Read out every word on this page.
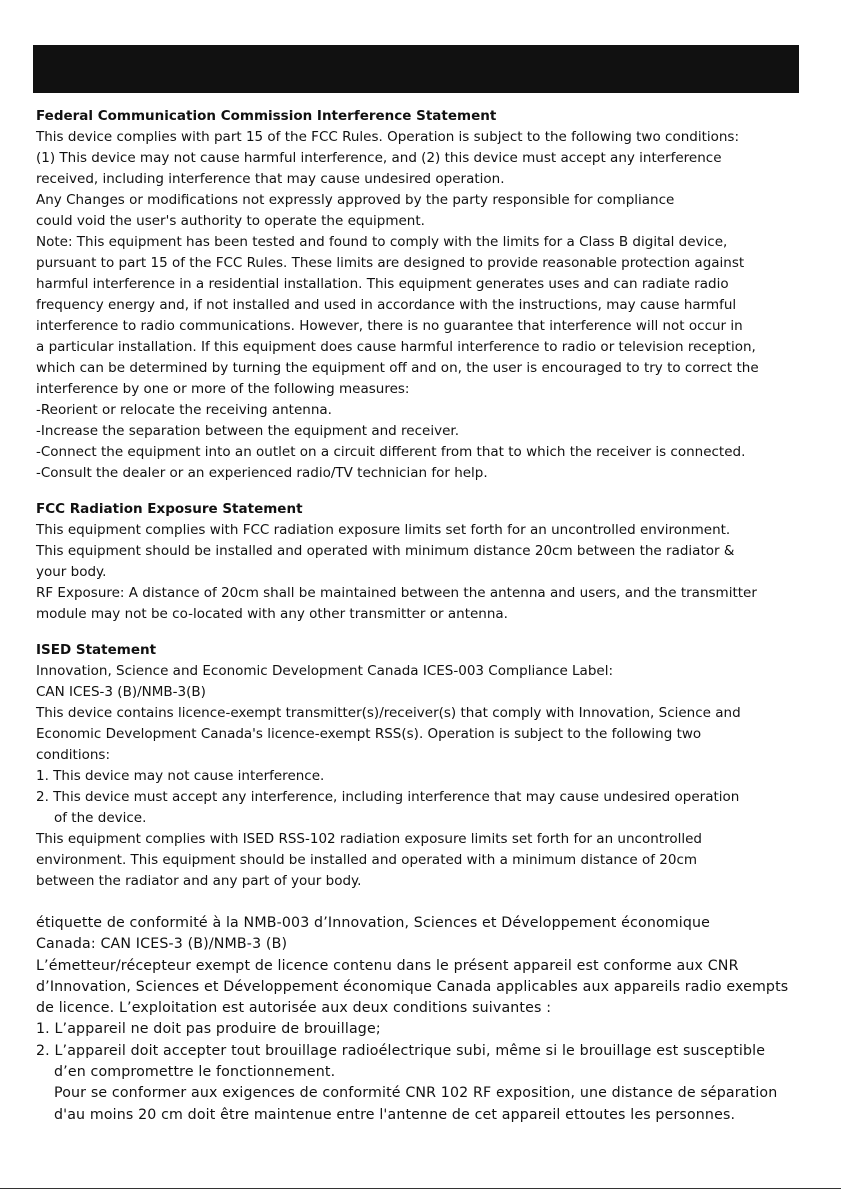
Federal Communication Commission Interference Statement

This device complies with part 15 of the FCC Rules. Operation is subject to the following two conditions:

(1) This device may not cause harmful interference, and (2) this device must accept any interference

received, including interference that may cause undesired operation.

Any Changes or modifications not expressly approved by the party responsible for compliance

could void the user's authority to operate the equipment.

Note: This equipment has been tested and found to comply with the limits for a Class B digital device,

pursuant to part 15 of the FCC Rules. These limits are designed to provide reasonable protection against

harmful interference in a residential installation. This equipment generates uses and can radiate radio

frequency energy and, if not installed and used in accordance with the instructions, may cause harmful

interference to radio communications. However, there is no guarantee that interference will not occur in

a particular installation. If this equipment does cause harmful interference to radio or television reception,

which can be determined by turning the equipment off and on, the user is encouraged to try to correct the

interference by one or more of the following measures:

-Reorient or relocate the receiving antenna.

-Increase the separation between the equipment and receiver.

-Connect the equipment into an outlet on a circuit different from that to which the receiver is connected.

-Consult the dealer or an experienced radio/TV technician for help.

FCC Radiation Exposure Statement

This equipment complies with FCC radiation exposure limits set forth for an uncontrolled environment.

This equipment should be installed and operated with minimum distance 20cm between the radiator &

your body.

RF Exposure: A distance of 20cm shall be maintained between the antenna and users, and the transmitter

module may not be co-located with any other transmitter or antenna.

ISED Statement

Innovation, Science and Economic Development Canada ICES-003 Compliance Label:

CAN ICES-3 (B)/NMB-3(B)

This device contains licence-exempt transmitter(s)/receiver(s) that comply with Innovation, Science and

Economic Development Canada's licence-exempt RSS(s). Operation is subject to the following two

conditions:

1. This device may not cause interference.

2. This device must accept any interference, including interference that may cause undesired operation

of the device.

This equipment complies with ISED RSS-102 radiation exposure limits set forth for an uncontrolled

environment. This equipment should be installed and operated with a minimum distance of 20cm

between the radiator and any part of your body.

étiquette de conformité à la NMB-003 d’Innovation, Sciences et Développement économique

Canada: CAN ICES-3 (B)/NMB-3 (B)

L’émetteur/récepteur exempt de licence contenu dans le présent appareil est conforme aux CNR

d’Innovation, Sciences et Développement économique Canada applicables aux appareils radio exempts

de licence. L’exploitation est autorisée aux deux conditions suivantes :

1. L’appareil ne doit pas produire de brouillage;

2. L’appareil doit accepter tout brouillage radioélectrique subi, même si le brouillage est susceptible

d’en compromettre le fonctionnement.

Pour se conformer aux exigences de conformité CNR 102 RF exposition, une distance de séparation

d'au moins 20 cm doit être maintenue entre l'antenne de cet appareil ettoutes les personnes.
